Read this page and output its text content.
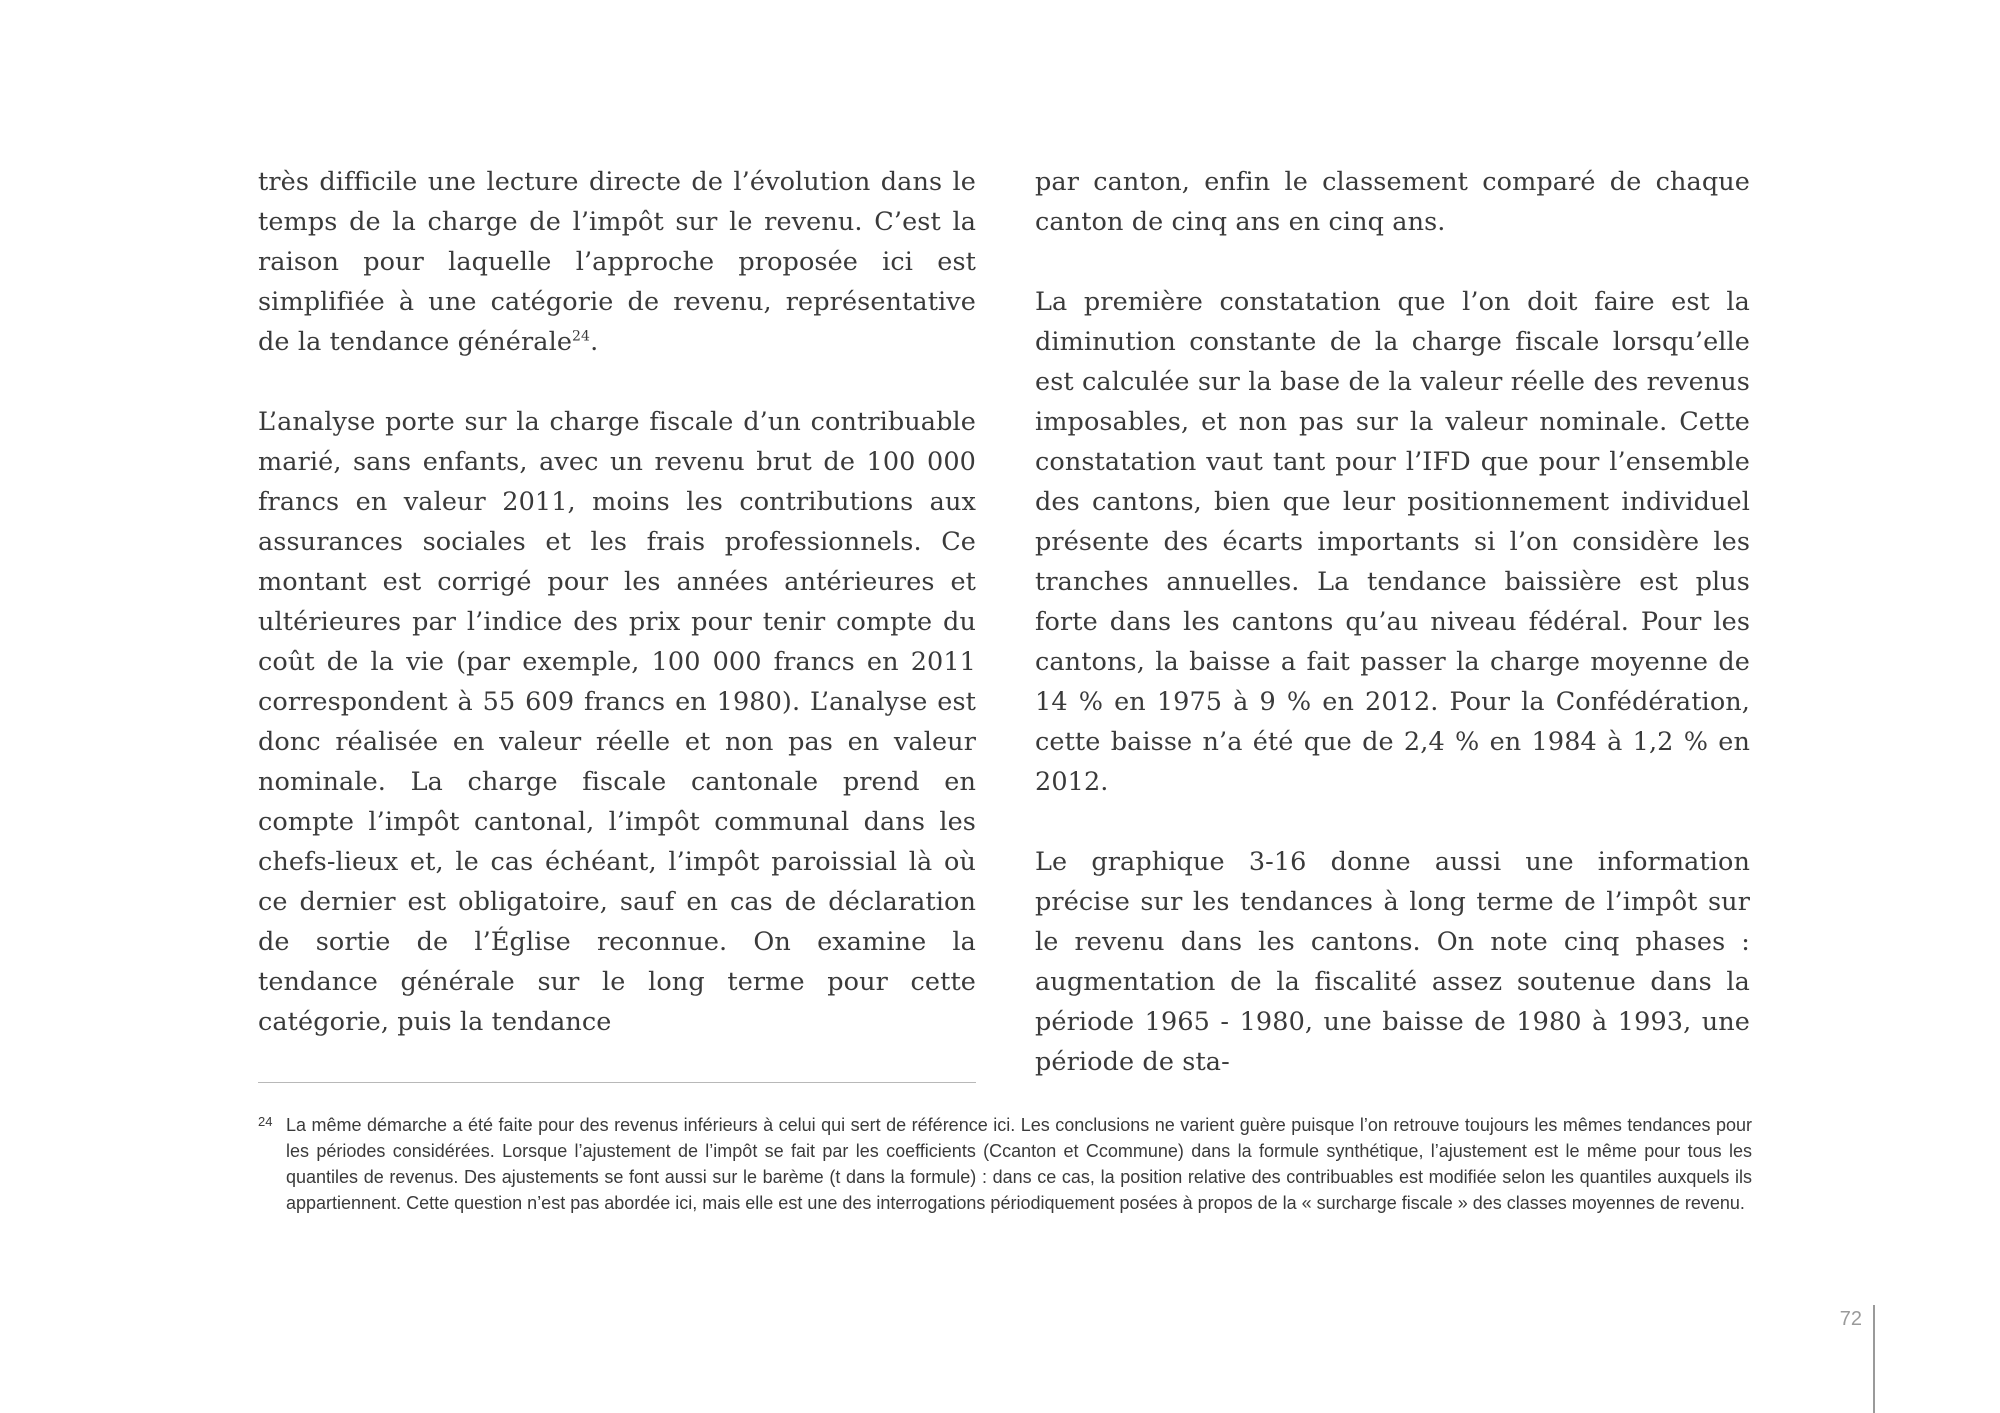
très difficile une lecture directe de l’évolution dans le temps de la charge de l’impôt sur le revenu. C’est la raison pour laquelle l’approche proposée ici est simplifiée à une catégorie de revenu, représentative de la tendance générale$^{24}$.

L’analyse porte sur la charge fiscale d’un contribuable marié, sans enfants, avec un revenu brut de 100 000 francs en valeur 2011, moins les contributions aux assurances sociales et les frais professionnels. Ce montant est corrigé pour les années antérieures et ultérieures par l’indice des prix pour tenir compte du coût de la vie (par exemple, 100 000 francs en 2011 correspondent à 55 609 francs en 1980). L’analyse est donc réalisée en valeur réelle et non pas en valeur nominale. La charge fiscale cantonale prend en compte l’impôt cantonal, l’impôt communal dans les chefs-lieux et, le cas échéant, l’impôt paroissial là où ce dernier est obligatoire, sauf en cas de déclaration de sortie de l’Église reconnue. On examine la tendance générale sur le long terme pour cette catégorie, puis la tendance

par canton, enfin le classement comparé de chaque canton de cinq ans en cinq ans.

La première constatation que l’on doit faire est la diminution constante de la charge fiscale lorsqu’elle est calculée sur la base de la valeur réelle des revenus imposables, et non pas sur la valeur nominale. Cette constatation vaut tant pour l’IFD que pour l’ensemble des cantons, bien que leur positionnement individuel présente des écarts importants si l’on considère les tranches annuelles. La tendance baissière est plus forte dans les cantons qu’au niveau fédéral. Pour les cantons, la baisse a fait passer la charge moyenne de 14 % en 1975 à 9 % en 2012. Pour la Confédération, cette baisse n’a été que de 2,4 % en 1984 à 1,2 % en 2012.

Le graphique 3-16 donne aussi une information précise sur les tendances à long terme de l’impôt sur le revenu dans les cantons. On note cinq phases : augmentation de la fiscalité assez soutenue dans la période 1965 - 1980, une baisse de 1980 à 1993, une période de sta-

24 La même démarche a été faite pour des revenus inférieurs à celui qui sert de référence ici. Les conclusions ne varient guère puisque l’on retrouve toujours les mêmes tendances pour les périodes considérées. Lorsque l’ajustement de l’impôt se fait par les coefficients (Ccanton et Ccommune) dans la formule synthétique, l’ajustement est le même pour tous les quantiles de revenus. Des ajustements se font aussi sur le barème (t dans la formule) : dans ce cas, la position relative des contribuables est modifiée selon les quantiles auxquels ils appartiennent. Cette question n’est pas abordée ici, mais elle est une des interrogations périodiquement posées à propos de la « surcharge fiscale » des classes moyennes de revenu.
72
